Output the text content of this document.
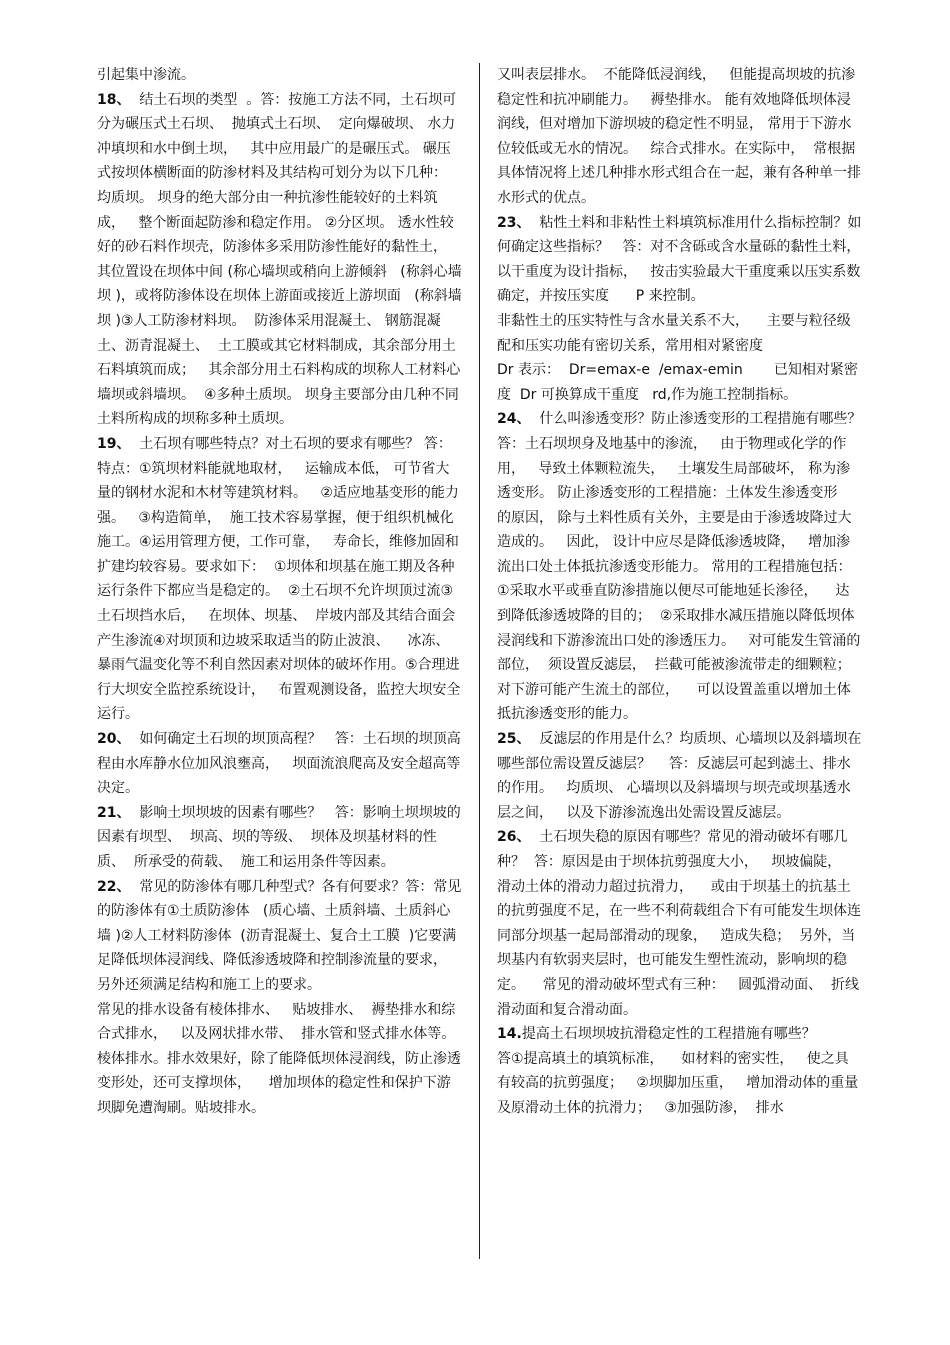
引起集中渗流。

18、  结土石坝的类型  。答：按施工方法不同，土石坝可分为碾压式土石坝、  抛填式土石坝、  定向爆破坝、 水力冲填坝和水中倒土坝，   其中应用最广的是碾压式。 碾压式按坝体横断面的防渗材料及其结构可划分为以下几种：    均质坝。 坝身的绝大部分由一种抗渗性能较好的土料筑成，   整个断面起防渗和稳定作用。 ②分区坝。 透水性较好的砂石料作坝壳，防渗体多采用防渗性能好的黏性土，   其位置设在坝体中间 (称心墙坝或稍向上游倾斜   (称斜心墙坝 )，或将防渗体设在坝体上游面或接近上游坝面   (称斜墙坝 )③人工防渗材料坝。  防渗体采用混凝土、 钢筋混凝土、沥青混凝土、  土工膜或其它材料制成，其余部分用土石料填筑而成；   其余部分用土石料构成的坝称人工材料心墙坝或斜墙坝。  ④多种土质坝。 坝身主要部分由几种不同土料所构成的坝称多种土质坝。

19、  土石坝有哪些特点？对土石坝的要求有哪些？ 答：特点：①筑坝材料能就地取材，   运输成本低， 可节省大量的钢材水泥和木材等建筑材料。   ②适应地基变形的能力强。   ③构造简单，  施工技术容易掌握，便于组织机械化施工。④运用管理方便，工作可靠，   寿命长，维修加固和扩建均较容易。要求如下：  ①坝体和坝基在施工期及各种运行条件下都应当是稳定的。  ②土石坝不允许坝顶过流③土石坝挡水后，   在坝体、坝基、  岸坡内部及其结合面会产生渗流④对坝顶和边坡采取适当的防止波浪、    冰冻、暴雨气温变化等不利自然因素对坝体的破坏作用。⑤合理进行大坝安全监控系统设计，   布置观测设备，监控大坝安全运行。

20、  如何确定土石坝的坝顶高程？   答：土石坝的坝顶高程由水库静水位加风浪壅高，   坝面流浪爬高及安全超高等决定。

21、  影响土坝坝坡的因素有哪些？   答：影响土坝坝坡的因素有坝型、  坝高、坝的等级、  坝体及坝基材料的性质、  所承受的荷载、  施工和运用条件等因素。

22、  常见的防渗体有哪几种型式？各有何要求？答：常见的防渗体有①土质防渗体   (质心墙、土质斜墙、土质斜心墙 )②人工材料防渗体  (沥青混凝土、复合土工膜  )它要满足降低坝体浸润线、降低渗透坡降和控制渗流量的要求，   另外还须满足结构和施工上的要求。

常见的排水设备有棱体排水、   贴坡排水、  褥垫排水和综合式排水，   以及网状排水带、  排水管和竖式排水体等。棱体排水。排水效果好，除了能降低坝体浸润线，防止渗透变形处，还可支撑坝体，    增加坝体的稳定性和保护下游坝脚免遭淘刷。贴坡排水。

又叫表层排水。  不能降低浸润线，   但能提高坝坡的抗渗稳定性和抗冲刷能力。   褥垫排水。 能有效地降低坝体浸润线，但对增加下游坝坡的稳定性不明显， 常用于下游水位较低或无水的情况。   综合式排水。在实际中，  常根据具体情况将上述几种排水形式组合在一起，兼有各种单一排水形式的优点。

23、  粘性土料和非粘性土料填筑标准用什么指标控制？如何确定这些指标？   答：对不含砾或含水量砾的黏性土料，   以干重度为设计指标，   按击实验最大干重度乘以压实系数确定，并按压实度      P 来控制。

非黏性土的压实特性与含水量关系不大，    主要与粒径级配和压实功能有密切关系，常用相对紧密度

Dr 表示：  Dr=emax-e  /emax-emin       已知相对紧密度  Dr 可换算成干重度   rd,作为施工控制指标。

24、  什么叫渗透变形？防止渗透变形的工程措施有哪些？  答：土石坝坝身及地基中的渗流，   由于物理或化学的作用，   导致土体颗粒流失，   土壤发生局部破坏， 称为渗透变形。 防止渗透变形的工程措施：土体发生渗透变形    的原因， 除与土料性质有关外，主要是由于渗透坡降过大造成的。   因此， 设计中应尽是降低渗透坡降，   增加渗流出口处土体抵抗渗透变形能力。 常用的工程措施包括：   ①采取水平或垂直防渗措施以便尽可能地延长渗径，    达到降低渗透坡降的目的；  ②采取排水减压措施以降低坝体浸润线和下游渗流出口处的渗透压力。   对可能发生管涌的部位，  须设置反滤层，  拦截可能被渗流带走的细颗粒； 对下游可能产生流土的部位，    可以设置盖重以增加土体抵抗渗透变形的能力。

25、  反滤层的作用是什么？均质坝、心墙坝以及斜墙坝在哪些部位需设置反滤层？    答：反滤层可起到滤土、排水的作用。   均质坝、 心墙坝以及斜墙坝与坝壳或坝基透水层之间，   以及下游渗流逸出处需设置反滤层。

26、  土石坝失稳的原因有哪些？常见的滑动破坏有哪几种？  答：原因是由于坝体抗剪强度大小，   坝坡偏陡，  滑动土体的滑动力超过抗滑力，    或由于坝基土的抗基土   的抗剪强度不足，在一些不利荷载组合下有可能发生坝体连同部分坝基一起局部滑动的现象，   造成失稳；  另外，当坝基内有软弱夹层时，也可能发生塑性流动，影响坝的稳定。    常见的滑动破坏型式有三种：   圆弧滑动面、  折线滑动面和复合滑动面。

14.提高土石坝坝坡抗滑稳定性的工程措施有哪些？

答①提高填土的填筑标准，    如材料的密实性，   使之具有较高的抗剪强度；   ②坝脚加压重，   增加滑动体的重量及原滑动土体的抗滑力；   ③加强防渗，  排水
